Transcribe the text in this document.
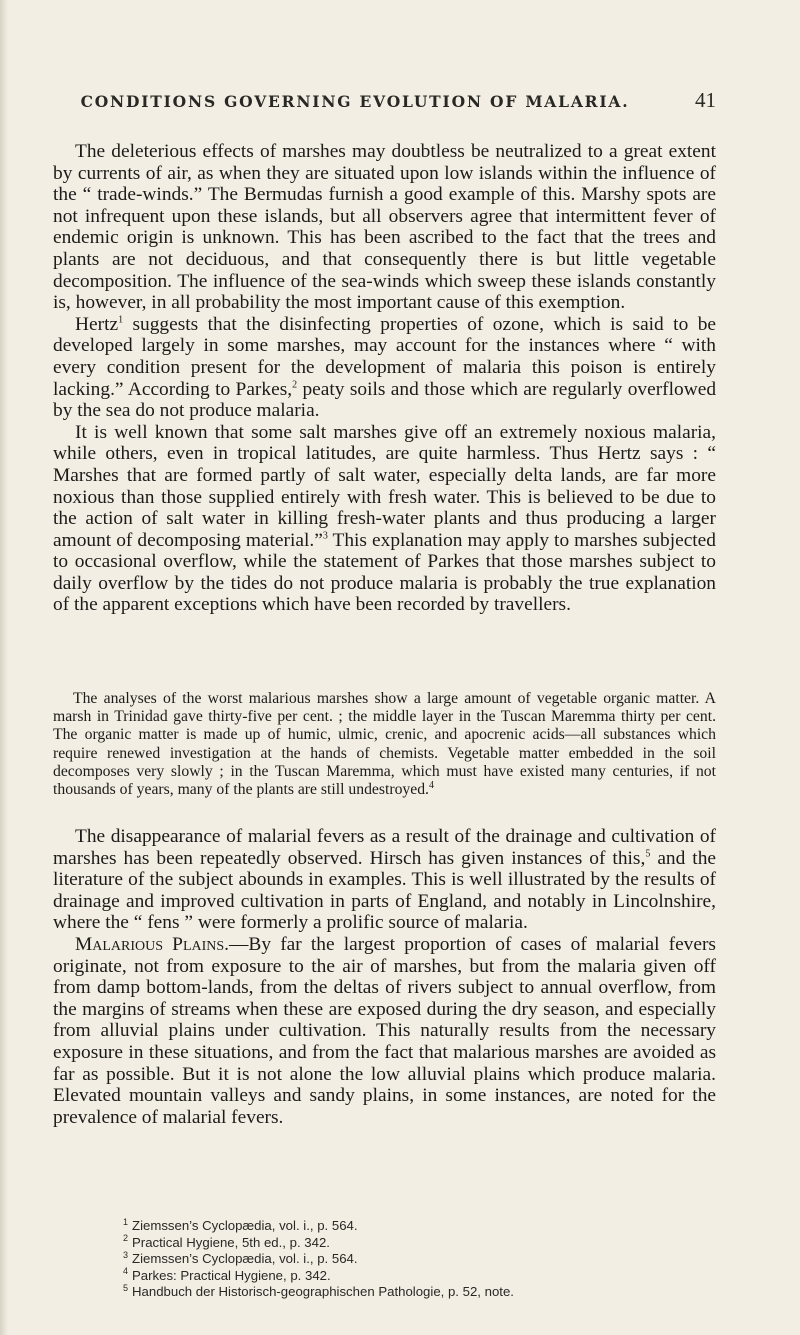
CONDITIONS GOVERNING EVOLUTION OF MALARIA.	41

The deleterious effects of marshes may doubtless be neutralized to a great extent by currents of air, as when they are situated upon low islands within the influence of the “ trade-winds.” The Bermudas furnish a good example of this. Marshy spots are not infrequent upon these islands, but all observers agree that intermittent fever of endemic origin is unknown. This has been ascribed to the fact that the trees and plants are not deciduous, and that consequently there is but little vegetable decomposition. The influence of the sea-winds which sweep these islands constantly is, however, in all probability the most important cause of this exemption.

Hertz$^1$ suggests that the disinfecting properties of ozone, which is said to be developed largely in some marshes, may account for the instances where “ with every condition present for the development of malaria this poison is entirely lacking.” According to Parkes,$^2$ peaty soils and those which are regularly overflowed by the sea do not produce malaria.

It is well known that some salt marshes give off an extremely noxious malaria, while others, even in tropical latitudes, are quite harmless. Thus Hertz says : “ Marshes that are formed partly of salt water, especially delta lands, are far more noxious than those supplied entirely with fresh water. This is believed to be due to the action of salt water in killing fresh-water plants and thus producing a larger amount of decomposing material.”$^3$ This explanation may apply to marshes subjected to occasional overflow, while the statement of Parkes that those marshes subject to daily overflow by the tides do not produce malaria is probably the true explanation of the apparent exceptions which have been recorded by travellers.

The analyses of the worst malarious marshes show a large amount of vegetable organic matter. A marsh in Trinidad gave thirty-five per cent. ; the middle layer in the Tuscan Maremma thirty per cent. The organic matter is made up of humic, ulmic, crenic, and apocrenic acids—all substances which require renewed investigation at the hands of chemists. Vegetable matter embedded in the soil decomposes very slowly ; in the Tuscan Maremma, which must have existed many centuries, if not thousands of years, many of the plants are still undestroyed.$^4$

The disappearance of malarial fevers as a result of the drainage and cultivation of marshes has been repeatedly observed. Hirsch has given instances of this,$^5$ and the literature of the subject abounds in examples. This is well illustrated by the results of drainage and improved cultivation in parts of England, and notably in Lincolnshire, where the “ fens ” were formerly a prolific source of malaria.

Malarious Plains.—By far the largest proportion of cases of malarial fevers originate, not from exposure to the air of marshes, but from the malaria given off from damp bottom-lands, from the deltas of rivers subject to annual overflow, from the margins of streams when these are exposed during the dry season, and especially from alluvial plains under cultivation. This naturally results from the necessary exposure in these situations, and from the fact that malarious marshes are avoided as far as possible. But it is not alone the low alluvial plains which produce malaria. Elevated mountain valleys and sandy plains, in some instances, are noted for the prevalence of malarial fevers.

$^1$ Ziemssen’s Cyclopædia, vol. i., p. 564.
$^2$ Practical Hygiene, 5th ed., p. 342.
$^3$ Ziemssen’s Cyclopædia, vol. i., p. 564.
$^4$ Parkes: Practical Hygiene, p. 342.
$^5$ Handbuch der Historisch-geographischen Pathologie, p. 52, note.
